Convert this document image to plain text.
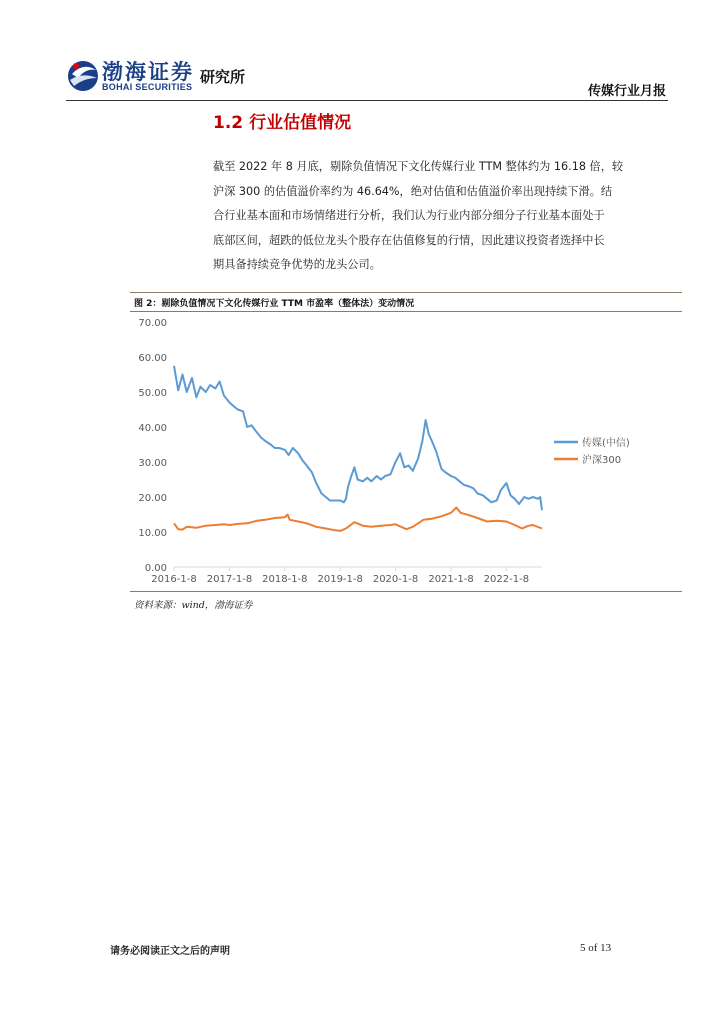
渤海证券
BOHAI SECURITIES
研究所
传媒行业月报
1.2 行业估值情况
截至 2022 年 8 月底，剔除负值情况下文化传媒行业 TTM 整体约为 16.18 倍，较
沪深 300 的估值溢价率约为 46.64%，绝对估值和估值溢价率出现持续下滑。结
合行业基本面和市场情绪进行分析，我们认为行业内部分细分子行业基本面处于
底部区间，超跌的低位龙头个股存在估值修复的行情，因此建议投资者选择中长
期具备持续竞争优势的龙头公司。
图 2：剔除负值情况下文化传媒行业 TTM 市盈率（整体法）变动情况
0.00
10.00
20.00
30.00
40.00
50.00
60.00
70.00
2016-1-8 2017-1-8 2018-1-8 2019-1-8 2020-1-8 2021-1-8 2022-1-8
传媒(中信)
沪深300
资料来源：wind，渤海证券
请务必阅读正文之后的声明	5 of 13
